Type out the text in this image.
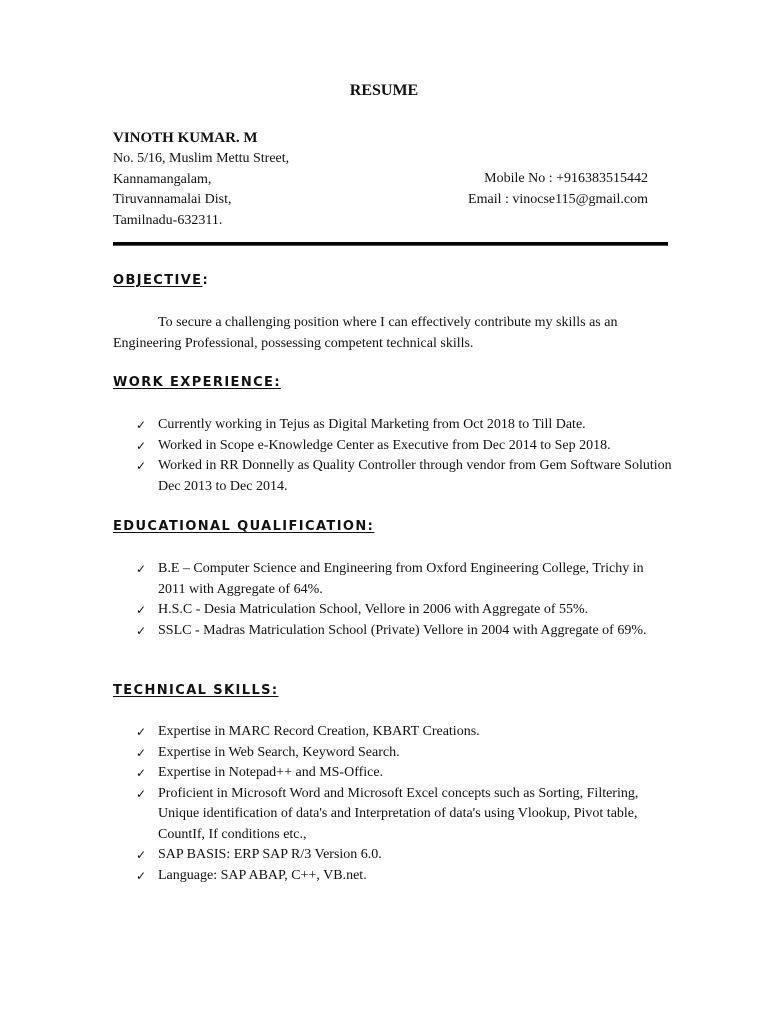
RESUME
VINOTH KUMAR. M
No. 5/16, Muslim Mettu Street,
Kannamangalam,
Tiruvannamalai Dist,
Tamilnadu-632311.
Mobile No : +916383515442
Email : vinocse115@gmail.com
OBJECTIVE:
To secure a challenging position where I can effectively contribute my skills as an Engineering Professional, possessing competent technical skills.
WORK EXPERIENCE:
✓ Currently working in Tejus as Digital Marketing from Oct 2018 to Till Date.
✓ Worked in Scope e-Knowledge Center as Executive from Dec 2014 to Sep 2018.
✓ Worked in RR Donnelly as Quality Controller through vendor from Gem Software Solution Dec 2013 to Dec 2014.
EDUCATIONAL QUALIFICATION:
✓ B.E – Computer Science and Engineering from Oxford Engineering College, Trichy in 2011 with Aggregate of 64%.
✓ H.S.C - Desia Matriculation School, Vellore in 2006 with Aggregate of 55%.
✓ SSLC - Madras Matriculation School (Private) Vellore in 2004 with Aggregate of 69%.
TECHNICAL SKILLS:
✓ Expertise in MARC Record Creation, KBART Creations.
✓ Expertise in Web Search, Keyword Search.
✓ Expertise in Notepad++ and MS-Office.
✓ Proficient in Microsoft Word and Microsoft Excel concepts such as Sorting, Filtering, Unique identification of data's and Interpretation of data's using Vlookup, Pivot table, CountIf, If conditions etc.,
✓ SAP BASIS: ERP SAP R/3 Version 6.0.
✓ Language: SAP ABAP, C++, VB.net.
